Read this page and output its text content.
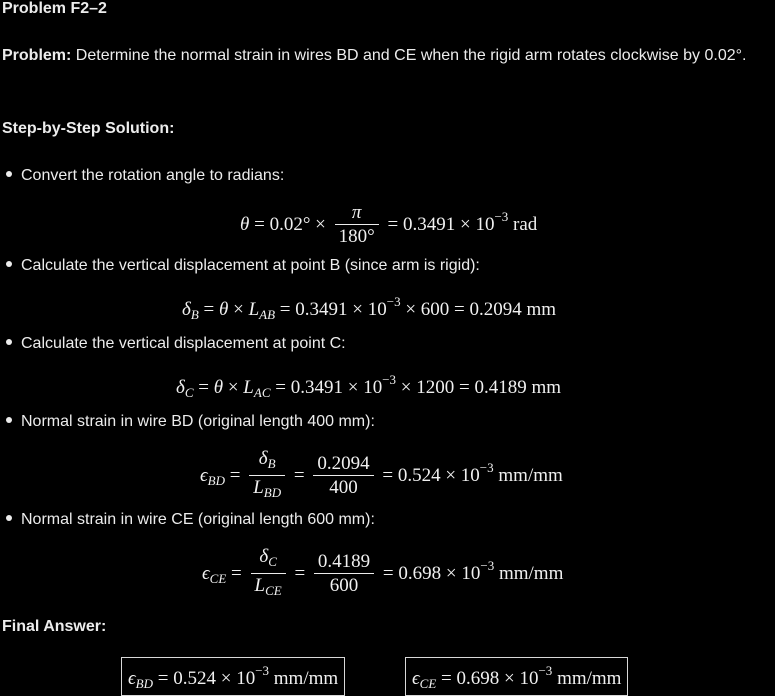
Problem F2–2
Problem: Determine the normal strain in wires BD and CE when the rigid arm rotates clockwise by 0.02°.
Step-by-Step Solution:
Convert the rotation angle to radians:
$\theta = 0.02^\circ \times \frac{\pi}{180^\circ} = 0.3491 \times 10^{-3}$ rad
Calculate the vertical displacement at point B (since arm is rigid):
$\delta_B = \theta \times L_{AB} = 0.3491 \times 10^{-3} \times 600 = 0.2094$ mm
Calculate the vertical displacement at point C:
$\delta_C = \theta \times L_{AC} = 0.3491 \times 10^{-3} \times 1200 = 0.4189$ mm
Normal strain in wire BD (original length 400 mm):
$\epsilon_{BD} = \frac{\delta_B}{L_{BD}} = \frac{0.2094}{400} = 0.524 \times 10^{-3}$ mm/mm
Normal strain in wire CE (original length 600 mm):
$\epsilon_{CE} = \frac{\delta_C}{L_{CE}} = \frac{0.4189}{600} = 0.698 \times 10^{-3}$ mm/mm
Final Answer:
$\epsilon_{BD} = 0.524 \times 10^{-3}$ mm/mm	$\epsilon_{CE} = 0.698 \times 10^{-3}$ mm/mm
